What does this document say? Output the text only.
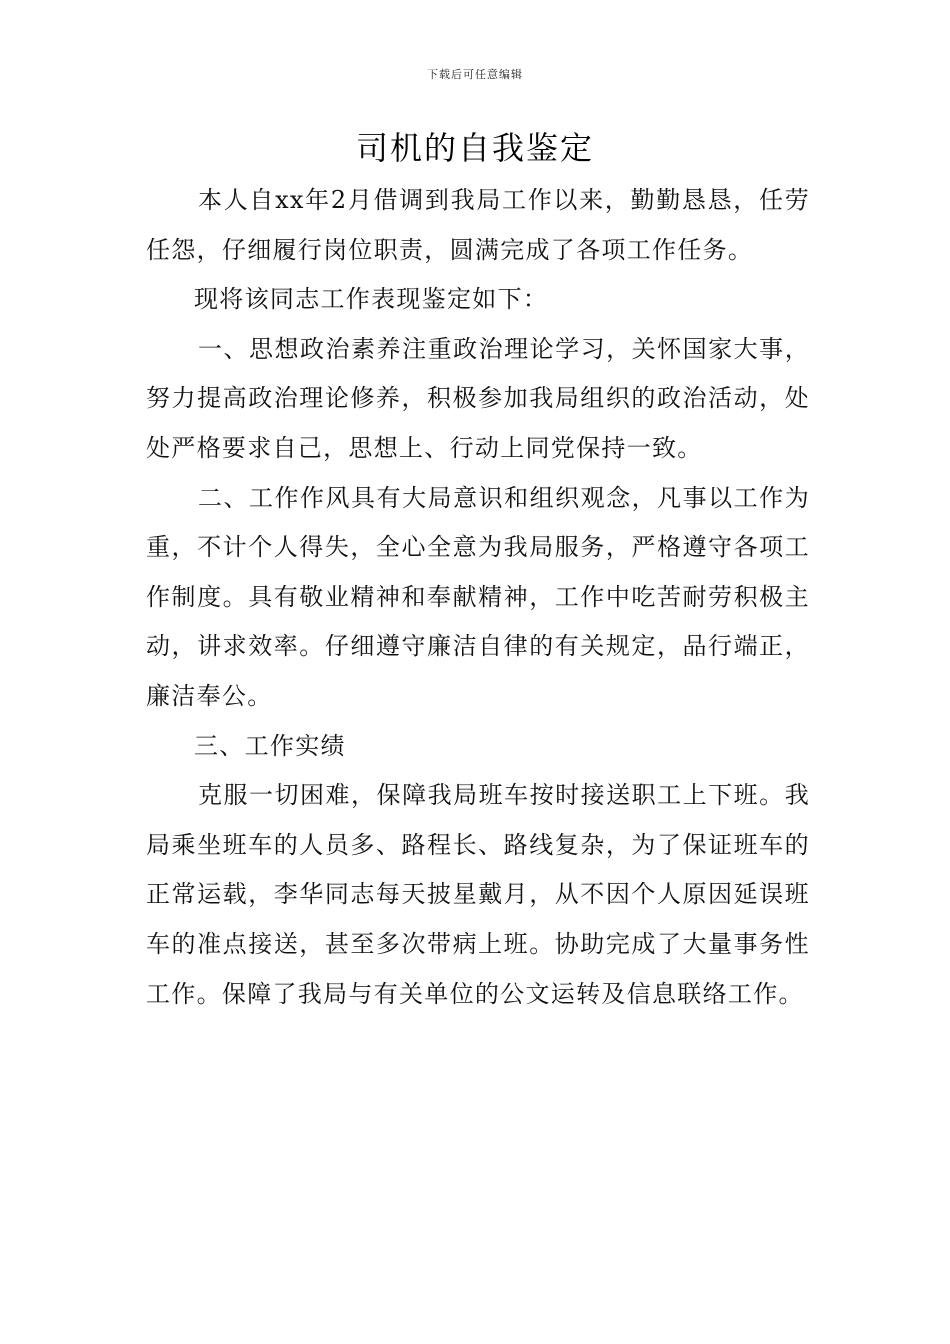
下载后可任意编辑
司机的自我鉴定

本人自xx年2月借调到我局工作以来，勤勤恳恳，任劳任怨，仔细履行岗位职责，圆满完成了各项工作任务。

现将该同志工作表现鉴定如下：

一、思想政治素养注重政治理论学习，关怀国家大事，努力提高政治理论修养，积极参加我局组织的政治活动，处处严格要求自己，思想上、行动上同党保持一致。

二、工作作风具有大局意识和组织观念，凡事以工作为重，不计个人得失，全心全意为我局服务，严格遵守各项工作制度。具有敬业精神和奉献精神，工作中吃苦耐劳积极主动，讲求效率。仔细遵守廉洁自律的有关规定，品行端正，廉洁奉公。

三、工作实绩

克服一切困难，保障我局班车按时接送职工上下班。我局乘坐班车的人员多、路程长、路线复杂，为了保证班车的正常运载，李华同志每天披星戴月，从不因个人原因延误班车的准点接送，甚至多次带病上班。协助完成了大量事务性工作。保障了我局与有关单位的公文运转及信息联络工作。
